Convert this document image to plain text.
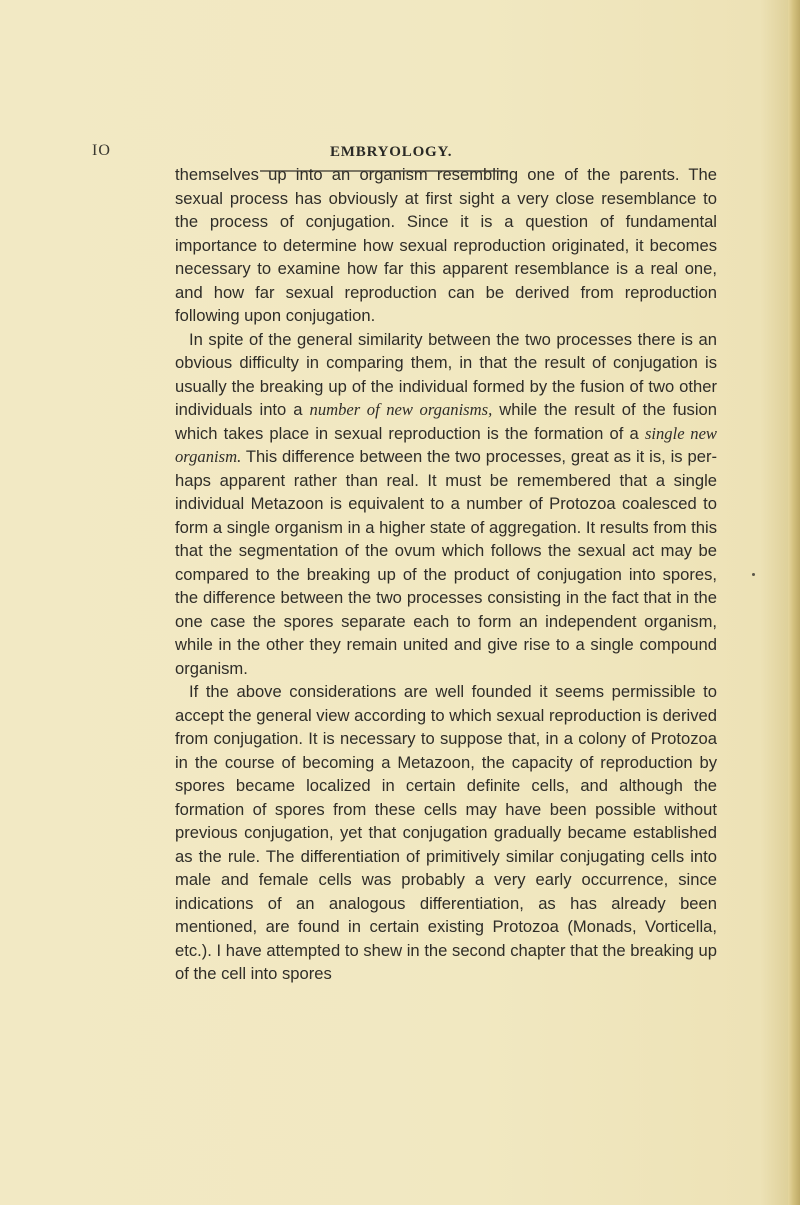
IO	EMBRYOLOGY.

themselves up into an organism resembling one of the parents. The sexual process has obviously at first sight a very close resemblance to the process of conjugation. Since it is a question of fundamental importance to determine how sexual reproduction originated, it becomes necessary to examine how far this apparent resemblance is a real one, and how far sexual reproduction can be derived from reproduction following upon conjugation.

In spite of the general similarity between the two processes there is an obvious difficulty in comparing them, in that the result of conjugation is usually the breaking up of the individual formed by the fusion of two other individuals into a number of new organisms, while the result of the fusion which takes place in sexual reproduction is the formation of a single new organism. This difference between the two processes, great as it is, is perhaps apparent rather than real. It must be remembered that a single individual Metazoon is equivalent to a number of Protozoa coalesced to form a single organism in a higher state of aggregation. It results from this that the segmentation of the ovum which follows the sexual act may be compared to the breaking up of the product of conjugation into spores, the difference between the two processes consisting in the fact that in the one case the spores separate each to form an independent organism, while in the other they remain united and give rise to a single compound organism.

If the above considerations are well founded it seems permissible to accept the general view according to which sexual reproduction is derived from conjugation. It is necessary to suppose that, in a colony of Protozoa in the course of becoming a Metazoon, the capacity of reproduction by spores became localized in certain definite cells, and although the formation of spores from these cells may have been possible without previous conjugation, yet that conjugation gradually became established as the rule. The differentiation of primitively similar conjugating cells into male and female cells was probably a very early occurrence, since indications of an analogous differentiation, as has already been mentioned, are found in certain existing Protozoa (Monads, Vorticella, etc.). I have attempted to shew in the second chapter that the breaking up of the cell into spores
